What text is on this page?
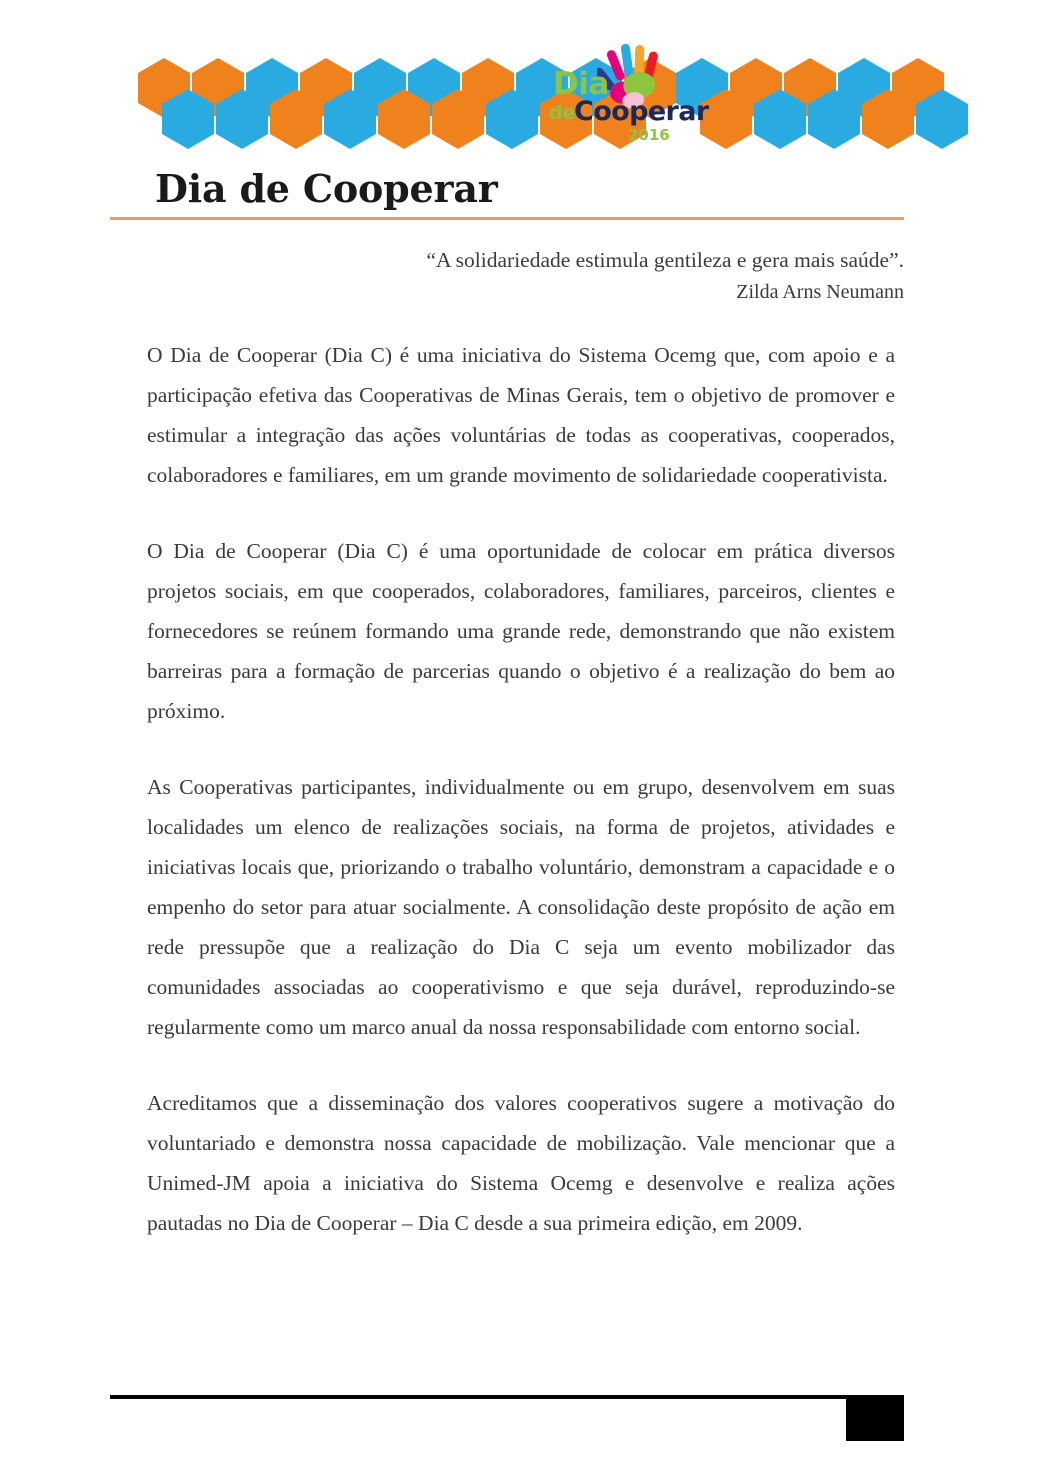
Dia
de
Cooperar
2016
Dia de Cooperar
“A solidariedade estimula gentileza e gera mais saúde”.
Zilda Arns Neumann

O Dia de Cooperar (Dia C) é uma iniciativa do Sistema Ocemg que, com apoio e a participação efetiva das Cooperativas de Minas Gerais, tem o objetivo de promover e estimular a integração das ações voluntárias de todas as cooperativas, cooperados, colaboradores e familiares, em um grande movimento de solidariedade cooperativista.

O Dia de Cooperar (Dia C) é uma oportunidade de colocar em prática diversos projetos sociais, em que cooperados, colaboradores, familiares, parceiros, clientes e fornecedores se reúnem formando uma grande rede, demonstrando que não existem barreiras para a formação de parcerias quando o objetivo é a realização do bem ao próximo.

As Cooperativas participantes, individualmente ou em grupo, desenvolvem em suas localidades um elenco de realizações sociais, na forma de projetos, atividades e iniciativas locais que, priorizando o trabalho voluntário, demonstram a capacidade e o empenho do setor para atuar socialmente. A consolidação deste propósito de ação em rede pressupõe que a realização do Dia C seja um evento mobilizador das comunidades associadas ao cooperativismo e que seja durável, reproduzindo-se regularmente como um marco anual da nossa responsabilidade com entorno social.

Acreditamos que a disseminação dos valores cooperativos sugere a motivação do voluntariado e demonstra nossa capacidade de mobilização. Vale mencionar que a Unimed-JM apoia a iniciativa do Sistema Ocemg e desenvolve e realiza ações pautadas no Dia de Cooperar – Dia C desde a sua primeira edição, em 2009.
